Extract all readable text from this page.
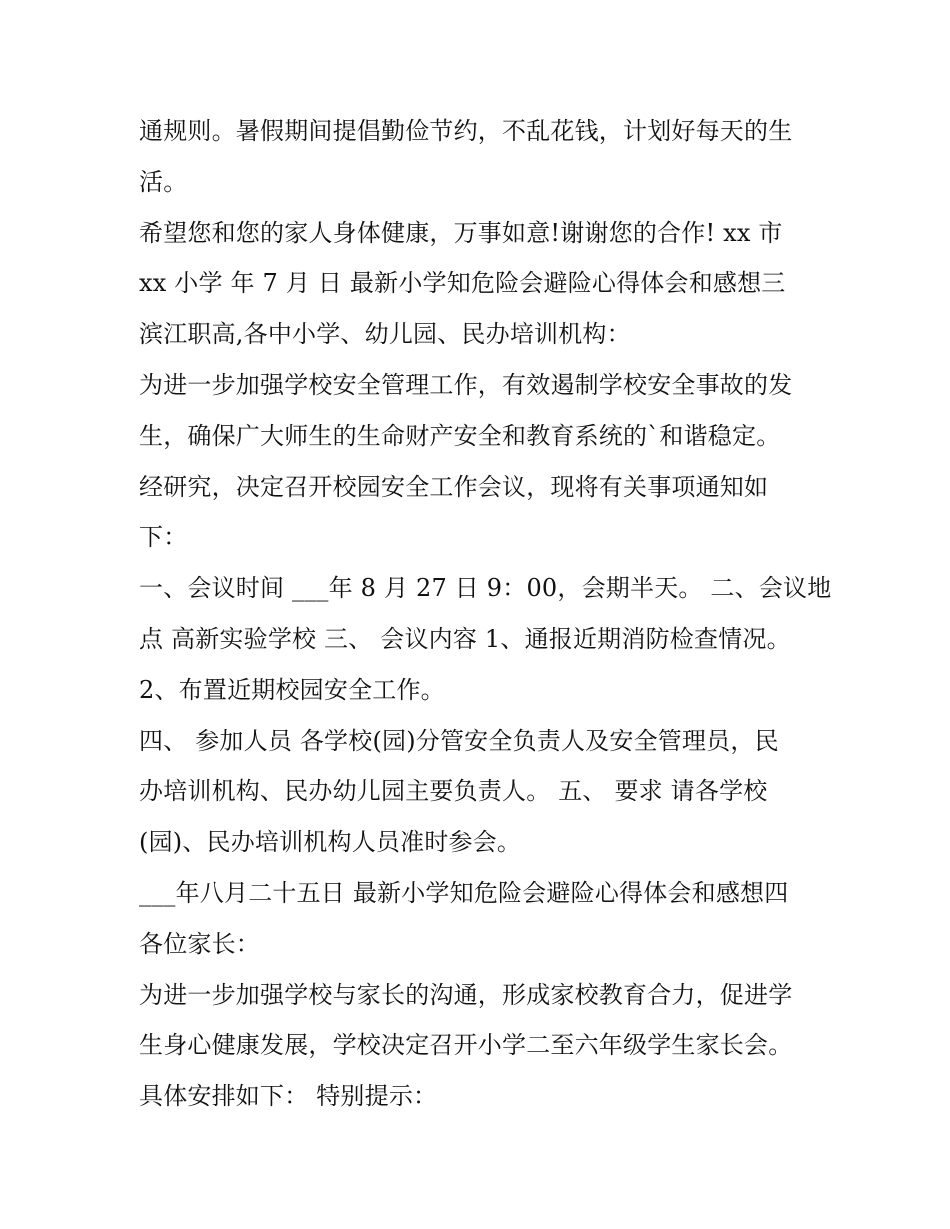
通规则。暑假期间提倡勤俭节约，不乱花钱，计划好每天的生
活。
希望您和您的家人身体健康，万事如意!谢谢您的合作! xx 市
xx 小学 年 7 月 日 最新小学知危险会避险心得体会和感想三
滨江职高,各中小学、幼儿园、民办培训机构：
为进一步加强学校安全管理工作，有效遏制学校安全事故的发
生，确保广大师生的生命财产安全和教育系统的`和谐稳定。
经研究，决定召开校园安全工作会议，现将有关事项通知如
下：
一、会议时间 ___年 8 月 27 日 9：00，会期半天。 二、会议地
点 高新实验学校 三、 会议内容 1、通报近期消防检查情况。
2、布置近期校园安全工作。
四、 参加人员 各学校(园)分管安全负责人及安全管理员，民
办培训机构、民办幼儿园主要负责人。 五、 要求 请各学校
(园)、民办培训机构人员准时参会。
___年八月二十五日 最新小学知危险会避险心得体会和感想四
各位家长：
为进一步加强学校与家长的沟通，形成家校教育合力，促进学
生身心健康发展，学校决定召开小学二至六年级学生家长会。
具体安排如下： 特别提示：
